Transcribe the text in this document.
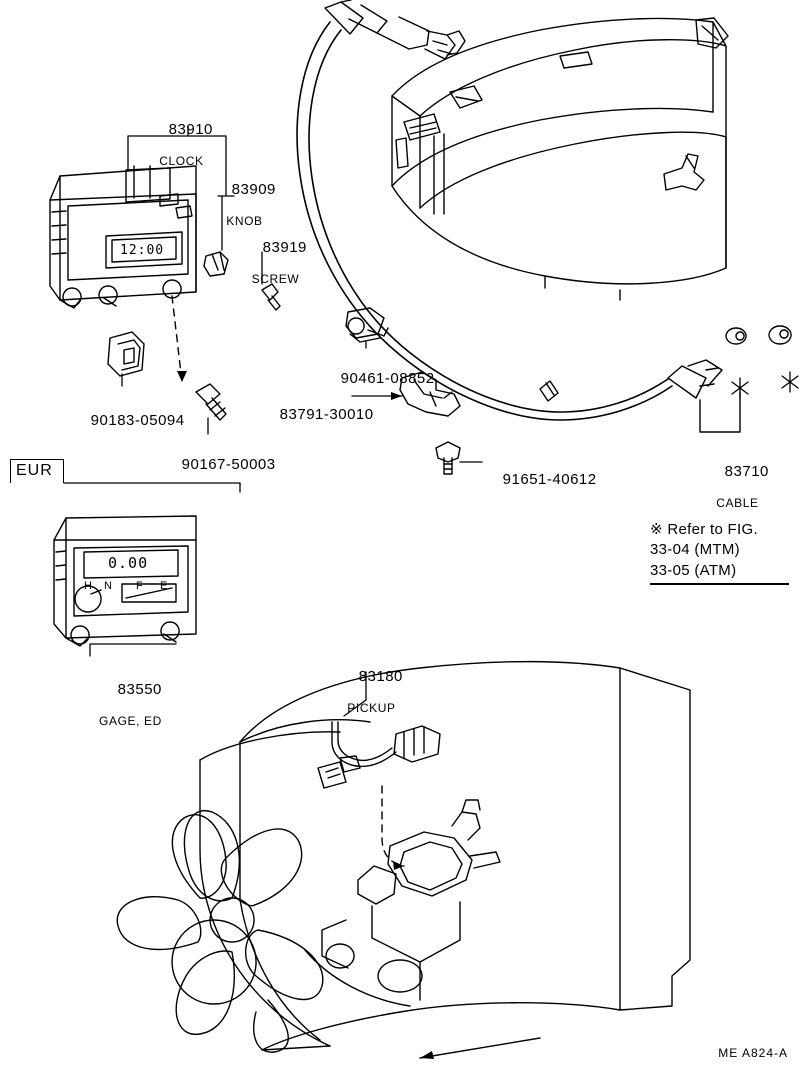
12:00
0.00
H N F E
EUR

83910

CLOCK

83909

KNOB

83919

SCREW

90183-05094

90167-50003

90461-08852

83791-30010

91651-40612
	83710

CABLE

83550

GAGE, ED

83180

PICKUP

※ Refer to FIG.
33-04 (MTM)
33-05 (ATM)
ME A824-A
